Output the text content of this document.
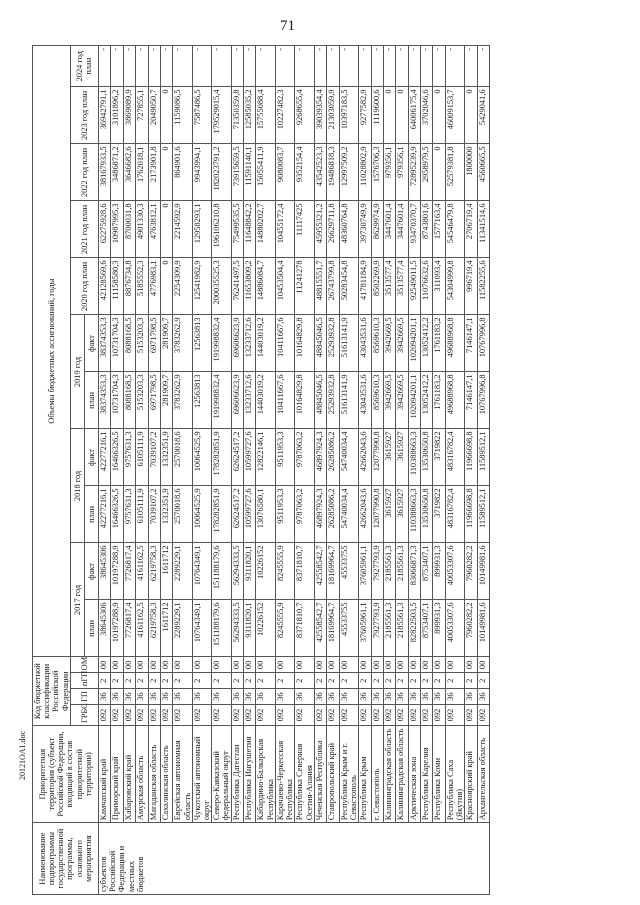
71
Наименование подпрограммы государственной программы, основного мероприятия	Приоритетная территория (субъект Российской Федерации, входящий в состав приоритетной территории)	Код бюджетной классификации Российской Федерации				Объемы бюджетных ассигнований, годы										
		ГРБС	ГП	пГП	ОМ	2017 год		2018 год		2019 год		2020 год план	2021 год план	2022 год план	2023 год план	2024 год план
						план	факт	план	факт	план	факт					
субъектов Российской Федерации и местных бюджетов	Камчатский край	092	36	2	00	38645306	38645306	42277216,1	42277216,1	38374353,3	38374353,3	42128569,6	62275928,6	38167933,5	36942791,1	-
	Приморский край	092	36	2	00	10197288,9	10197288,9	16466326,5	16466326,5	10731704,3	10731704,3	11158580,3	10987995,3	3486871,2	3101896,2	-
	Хабаровский край	092	36	2	00	7726817,4	7726817,4	9757631,3	9757631,3	8088168,5	8088168,5	8876734,8	8700031,8	3646682,6	3869089,9	-
	Амурская область	092	36	2	00	4161162,5	4161162,5	6105111,9	6105111,9	5153203,3	5153203,3	5185552,3	4901330,3	1762018,1	727855,1	-
	Магаданская область	092	36	2	00	6219758,3	6219758,3	7039107,2	7039107,2	6971798,5	6971798,5	4776983,1	4763812,1	2173901,8	2049050,7	-
	Сахалинская область	092	36	2	00	1611712	1611712	1332351,9	1332351,9	281909,7	281909,7	0	0	0	0	-
	Еврейская автономная область	092	36	2	00	2289229,1	2289229,1	2570018,6	2570018,6	3783262,9	3783262,9	2254309,9	2214592,9	864901,6	1159086,5	-
	Чукотский автономный округ	092	36	2	00	10764349,1	10764349,1	10064525,9	10064525,9	12563813	12563813	12541982,9	12958293,1	9943994,1	7587486,5	-
	Северо-Кавказский федеральный округ	092	36	2	00	151188179,6	151188179,6	178282851,9	178282851,9	191998832,4	191998832,4	200035525,3	196106210,8	182023791,2	179529015,4	-
	Республика Дагестан	092	36	2	00	56294333,5	56294333,5	62624517,2	62624517,2	69606623,9	69606623,9	76241497,5	75499535,5	73915659,5	71350359,8	-
	Республика Ингушетия	092	36	2	00	9311820,1	9311820,1	10599727,6	10599727,6	13233712,6	13233712,6	11653809,2	11648842,2	11591140,1	12585035,2	-
	Кабардино-Балкарская Республика	092	36	2	00	10226152	10226152	13076580,1	12822146,1	14403019,2	14403019,2	14886084,7	14880202,7	15055411,9	15755088,4	-
	Карачаево-Черкесская Республика	092	36	2	00	8245555,9	8245555,9	9511953,3	9511953,3	10411667,6	10411667,6	10453504,4	10455172,4	9080083,7	10227482,3	-
	Республика Северная Осетия-Алания	092	36	2	00	8371810,7	8371810,7	9787063,2	9787063,2	10164829,8	10164829,8	11241278	11117425	9352154,4	9268655,4	-
	Чеченская Республика	092	36	2	00	42558542,7	42558542,7	46897924,3	46897924,3	48845046,5	48845046,5	48815551,7	45955321,2	43542523,3	39039354,4	-
	Ставропольский край	092	36	2	00	18169964,7	18169964,7	26285086,2	26285086,2	25293932,8	25293932,8	26743799,8	26629711,8	19486818,3	21303059,9	-
	Республика Крым и г. Севастополь	092	36	2	00	45533755	45533755	54740034,4	54740034,4	51613141,9	51613141,9	50283454,8	48360764,8	12997509,2	10397183,5	-
	Республика Крым	092	36	2	00	37605961,1	37605961,1	42662043,6	42662043,6	43043531,6	43043531,6	41781184,9	39730749,9	11028802,9	9277582,9	-
	г. Севастополь	092	36	2	00	7927793,9	7927793,9	12077990,8	12077990,8	8569610,3	8569610,3	8502269,9	8629974,9	1576706,3	1119600,6	-
	Калининградская область	092	36	2	00	2185561,3	2185561,3	3615927	3615927	3942669,5	3942669,5	3513577,4	3447601,4	979356,1	0	-
	Калининградская область	092	36	2	00	2185561,3	2185561,3	3615927	3615927	3942669,5	3942669,5	3513577,4	3447601,4	979356,1	0	-
	Арктическая зона	092	36	2	00	82822503,5	83066871,3	110388663,3	110388663,3	102094201,1	102094201,1	92549011,5	93470370,7	72895239,9	64006175,4	-
	Республика Карелия	092	36	2	00	8753407,1	8753407,1	13530650,8	13530650,8	13052412,2	13052412,2	11076632,6	8743801,6	2958979,5	3702046,6	-
	Республика Коми	092	36	2	00	899931,3	899931,3	3719822	3719822	1761183,2	1761183,2	311093,4	1577163,4	0	0	-
	Республика Саха (Якутия)	092	36	2	00	40053307,6	40053307,6	48316782,4	48316782,4	49688968,8	49688968,8	54304999,8	54546479,8	52579381,8	46009153,7	-
	Красноярский край	092	36	2	00	7960282,2	7960282,2	11966698,8	11966698,8	7146147,1	7146147,1	996719,4	2706719,4	1800000	0	-
	Архангельская область	092	36	2	00	10149981,6	10149981,6	11589512,1	11589512,1	10767996,8	10767996,8	11582255,6	11341514,6	4560665,5	5429041,6	-
20121OA1.doc
